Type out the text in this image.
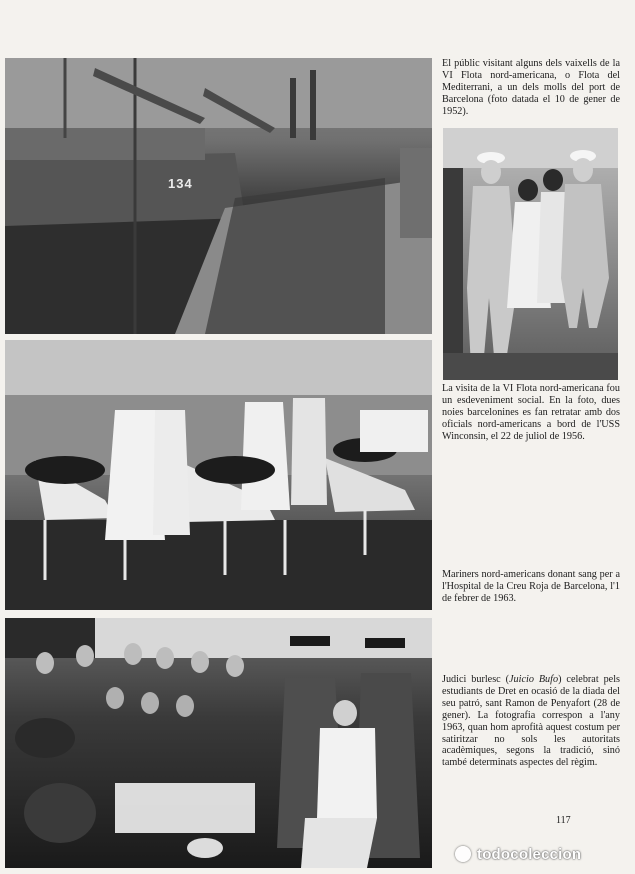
134

El públic visitant alguns dels vaixells de la VI Flota nord-americana, o Flota del Mediterrani, a un dels molls del port de Barcelona (foto datada el 10 de gener de 1952).

La visita de la VI Flota nord-americana fou un esdeveniment social. En la foto, dues noies barcelonines es fan retratar amb dos oficials nord-americans a bord de l'USS Winconsin, el 22 de juliol de 1956.

Mariners nord-americans donant sang per a l'Hospital de la Creu Roja de Barcelona, l'1 de febrer de 1963.

Judici burlesc (Juicio Bufo) celebrat pels estudiants de Dret en ocasió de la diada del seu patró, sant Ramon de Penyafort (28 de gener). La fotografia correspon a l'any 1963, quan hom aprofità aquest costum per satiritzar no sols les autoritats acadèmiques, segons la tradició, sinó també determinats aspectes del règim.

117
todocoleccion
